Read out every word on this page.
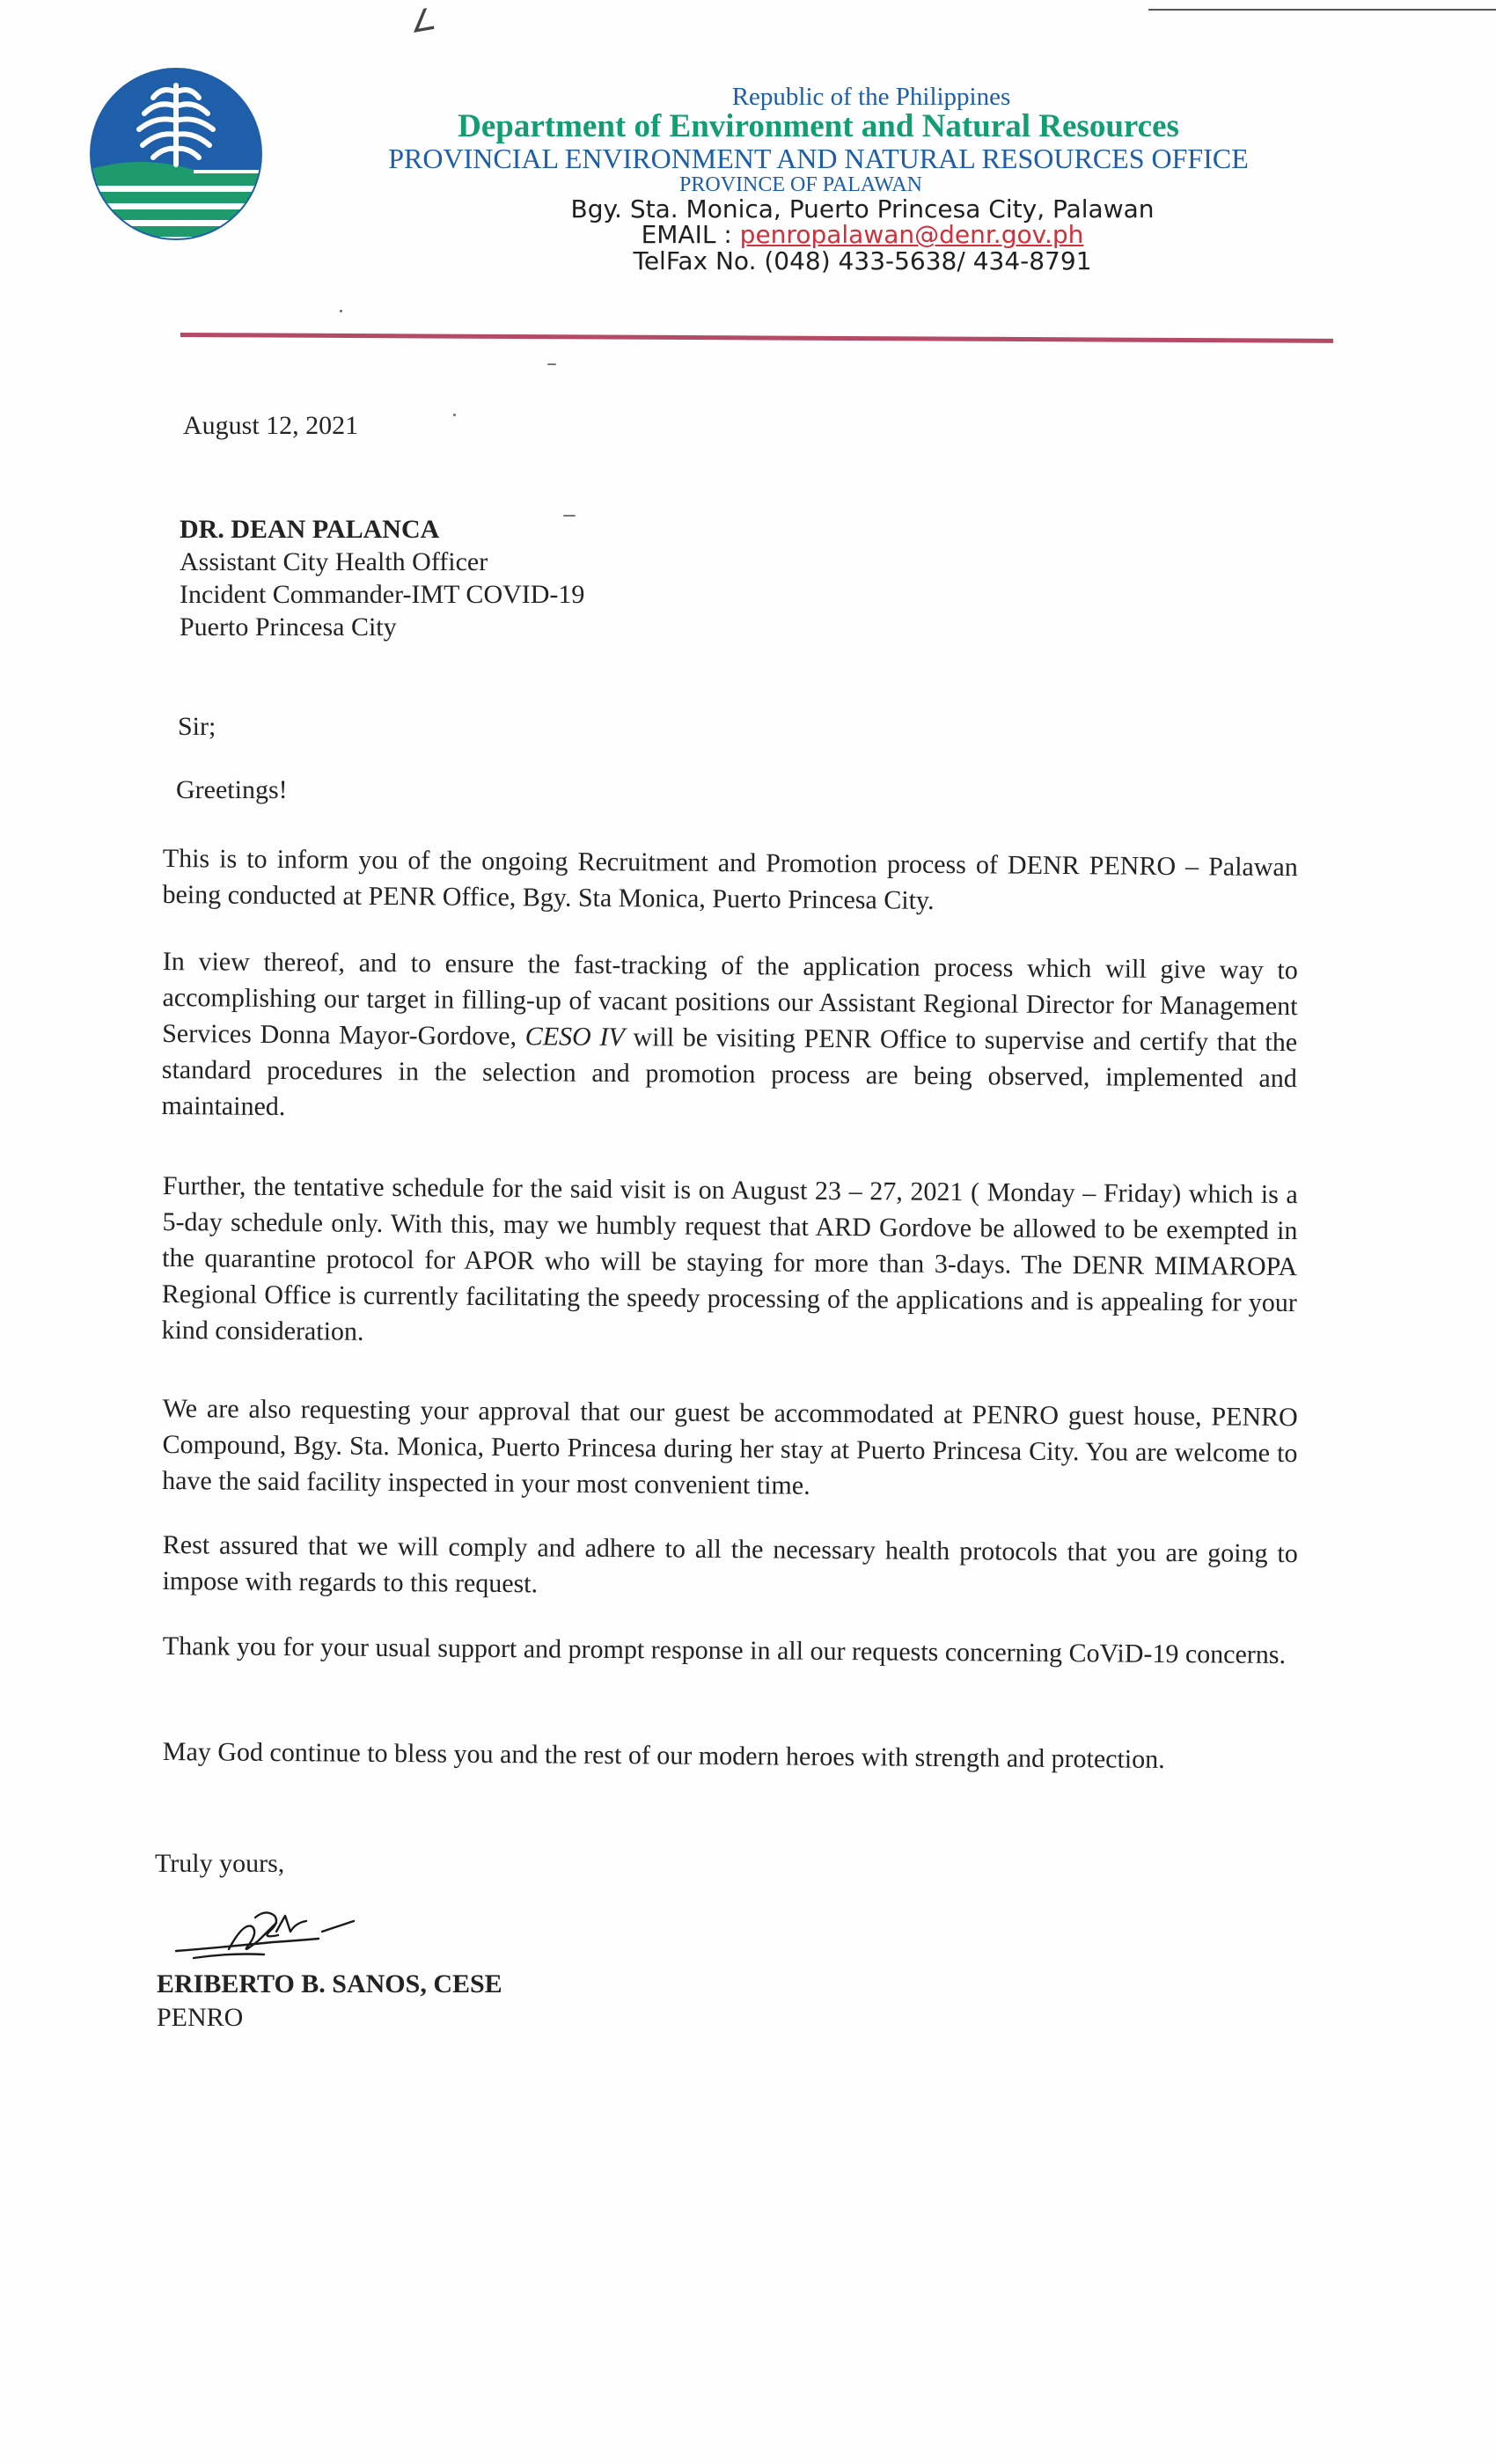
∠
Republic of the Philippines
Department of Environment and Natural Resources
PROVINCIAL ENVIRONMENT AND NATURAL RESOURCES OFFICE
PROVINCE OF PALAWAN
Bgy. Sta. Monica, Puerto Princesa City, Palawan
EMAIL : penropalawan@denr.gov.ph
TelFax No. (048) 433-5638/ 434-8791
August 12, 2021
DR. DEAN PALANCA
Assistant City Health Officer
Incident Commander-IMT COVID-19
Puerto Princesa City
Sir;
Greetings!
This is to inform you of the ongoing Recruitment and Promotion process of DENR PENRO – Palawan being conducted at PENR Office, Bgy. Sta Monica, Puerto Princesa City.
In view thereof, and to ensure the fast-tracking of the application process which will give way to accomplishing our target in filling-up of vacant positions our Assistant Regional Director for Management Services Donna Mayor-Gordove, CESO IV will be visiting PENR Office to supervise and certify that the standard procedures in the selection and promotion process are being observed, implemented and maintained.
Further, the tentative schedule for the said visit is on August 23 – 27, 2021 ( Monday – Friday) which is a 5-day schedule only. With this, may we humbly request that ARD Gordove be allowed to be exempted in the quarantine protocol for APOR who will be staying for more than 3-days. The DENR MIMAROPA Regional Office is currently facilitating the speedy processing of the applications and is appealing for your kind consideration.
We are also requesting your approval that our guest be accommodated at PENRO guest house, PENRO Compound, Bgy. Sta. Monica, Puerto Princesa during her stay at Puerto Princesa City. You are welcome to have the said facility inspected in your most convenient time.
Rest assured that we will comply and adhere to all the necessary health protocols that you are going to impose with regards to this request.
Thank you for your usual support and prompt response in all our requests concerning CoViD-19 concerns.
May God continue to bless you and the rest of our modern heroes with strength and protection.
Truly yours,
ERIBERTO B. SANOS, CESE
PENRO
